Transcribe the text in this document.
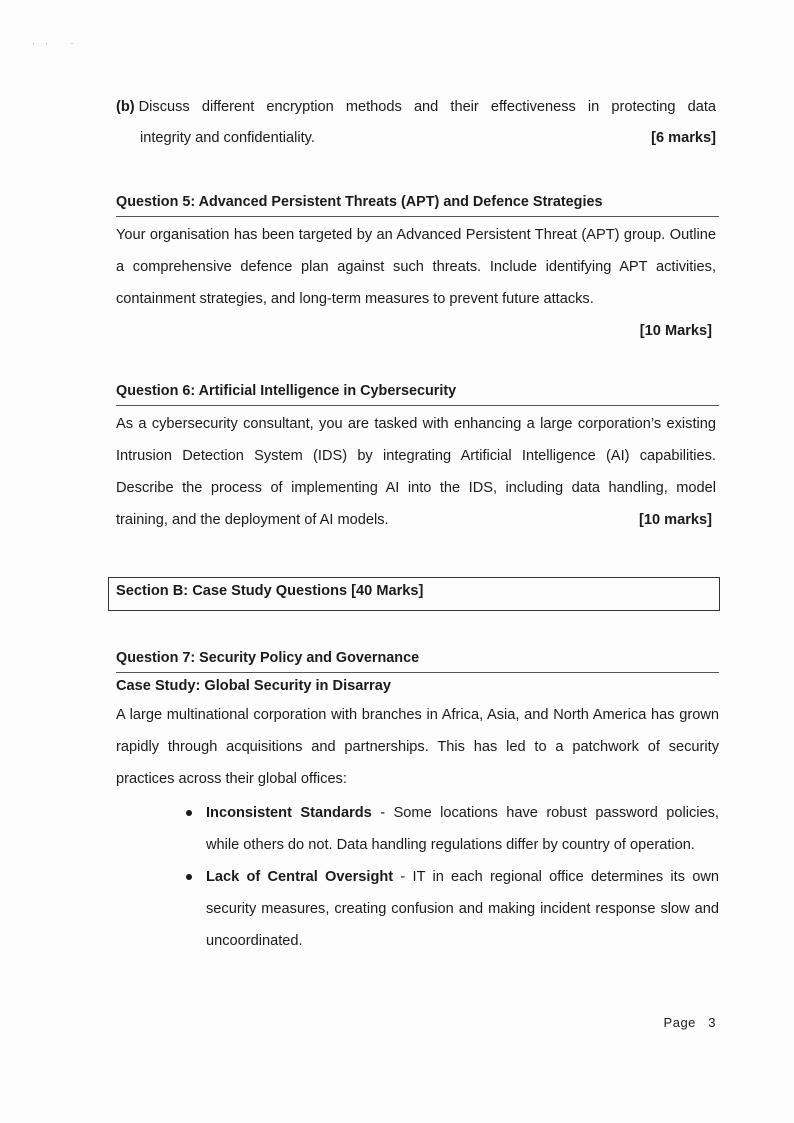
·· ·
(b) Discuss different encryption methods and their effectiveness in protecting data
integrity and confidentiality.	[6 marks]
Question 5: Advanced Persistent Threats (APT) and Defence Strategies
Your organisation has been targeted by an Advanced Persistent Threat (APT) group. Outline a comprehensive defence plan against such threats. Include identifying APT activities, containment strategies, and long-term measures to prevent future attacks.
[10 Marks]
Question 6: Artificial Intelligence in Cybersecurity
As a cybersecurity consultant, you are tasked with enhancing a large corporation’s existing Intrusion Detection System (IDS) by integrating Artificial Intelligence (AI) capabilities. Describe the process of implementing AI into the IDS, including data handling, model training, and the deployment of AI models.	[10 marks]
Section B: Case Study Questions [40 Marks]
Question 7: Security Policy and Governance
Case Study: Global Security in Disarray
A large multinational corporation with branches in Africa, Asia, and North America has grown rapidly through acquisitions and partnerships. This has led to a patchwork of security practices across their global offices:
Inconsistent Standards - Some locations have robust password policies, while others do not. Data handling regulations differ by country of operation.
Lack of Central Oversight - IT in each regional office determines its own security measures, creating confusion and making incident response slow and uncoordinated.
Page 3
